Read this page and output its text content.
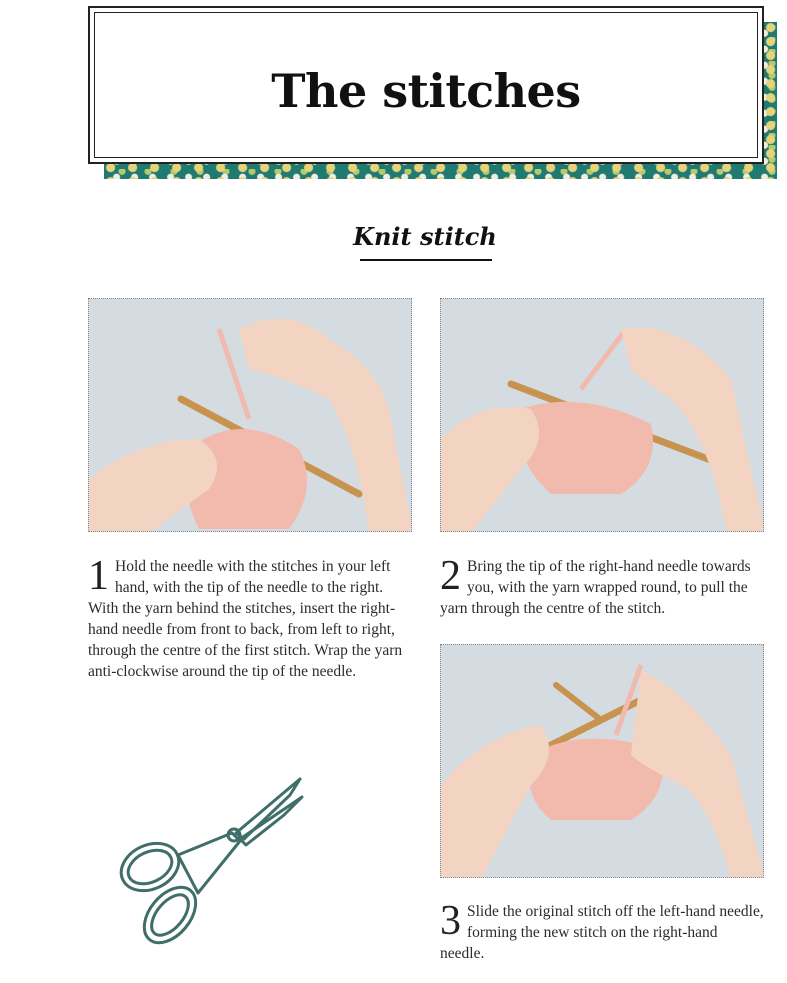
The stitches
Knit stitch
1 Hold the needle with the stitches in your left hand, with the tip of the needle to the right. With the yarn behind the stitches, insert the right-hand needle from front to back, from left to right, through the centre of the first stitch. Wrap the yarn anti-clockwise around the tip of the needle.
2 Bring the tip of the right-hand needle towards you, with the yarn wrapped round, to pull the yarn through the centre of the stitch.
3 Slide the original stitch off the left-hand needle, forming the new stitch on the right-hand needle.
